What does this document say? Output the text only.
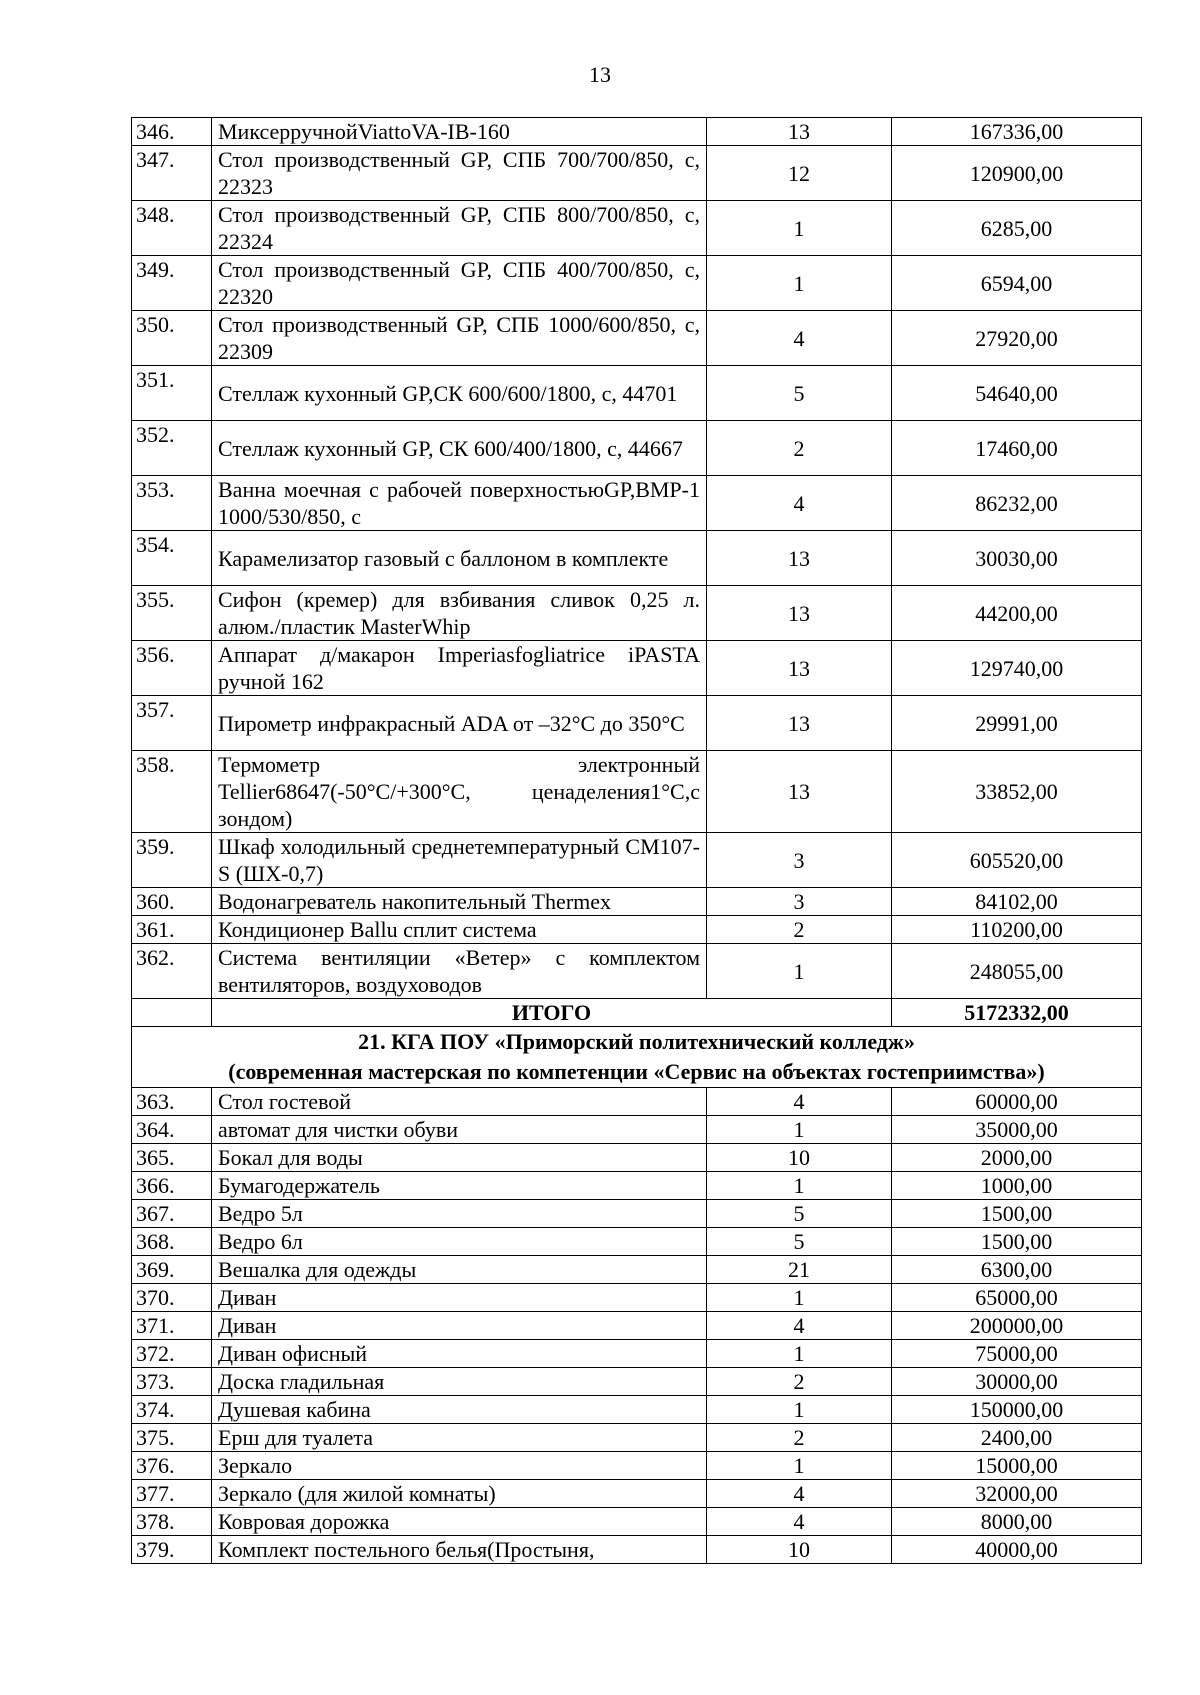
13
346.	МиксерручнойViattoVA-IB-160	13	167336,00
347.	Стол производственный GP, СПБ 700/700/850, с, 22323	12	120900,00
348.	Стол производственный GP, СПБ 800/700/850, с, 22324	1	6285,00
349.	Стол производственный GP, СПБ 400/700/850, с, 22320	1	6594,00
350.	Стол производственный GP, СПБ 1000/600/850, с, 22309	4	27920,00
351.	Стеллаж кухонный GP,СК 600/600/1800, с, 44701	5	54640,00
352.	Стеллаж кухонный GP, СК 600/400/1800, с, 44667	2	17460,00
353.	Ванна моечная с рабочей поверхностьюGP,ВМР-1 1000/530/850, с	4	86232,00
354.	Карамелизатор газовый с баллоном в комплекте	13	30030,00
355.	Сифон (кремер) для взбивания сливок 0,25 л. алюм./пластик MasterWhip	13	44200,00
356.	Аппарат д/макарон Imperiasfogliatrice iPASTA ручной 162	13	129740,00
357.	Пирометр инфракрасный ADA от –32°С до 350°С	13	29991,00
358.	Термометр электронный Tellier68647(-50°С/+300°С, ценаделения1°С,с зондом)	13	33852,00
359.	Шкаф холодильный среднетемпературный СМ107-S (ШХ-0,7)	3	605520,00
360.	Водонагреватель накопительный Thermex	3	84102,00
361.	Кондиционер Ballu сплит система	2	110200,00
362.	Система вентиляции «Ветер» с комплектом вентиляторов, воздуховодов	1	248055,00
	ИТОГО		5172332,00

21. КГА ПОУ «Приморский политехнический колледж»
(современная мастерская по компетенции «Сервис на объектах гостеприимства»)			

363.	Стол гостевой	4	60000,00
364.	автомат для чистки обуви	1	35000,00
365.	Бокал для воды	10	2000,00
366.	Бумагодержатель	1	1000,00
367.	Ведро 5л	5	1500,00
368.	Ведро 6л	5	1500,00
369.	Вешалка для одежды	21	6300,00
370.	Диван	1	65000,00
371.	Диван	4	200000,00
372.	Диван офисный	1	75000,00
373.	Доска гладильная	2	30000,00
374.	Душевая кабина	1	150000,00
375.	Ерш для туалета	2	2400,00
376.	Зеркало	1	15000,00
377.	Зеркало (для жилой комнаты)	4	32000,00
378.	Ковровая дорожка	4	8000,00
379.	Комплект постельного белья(Простыня,	10	40000,00
